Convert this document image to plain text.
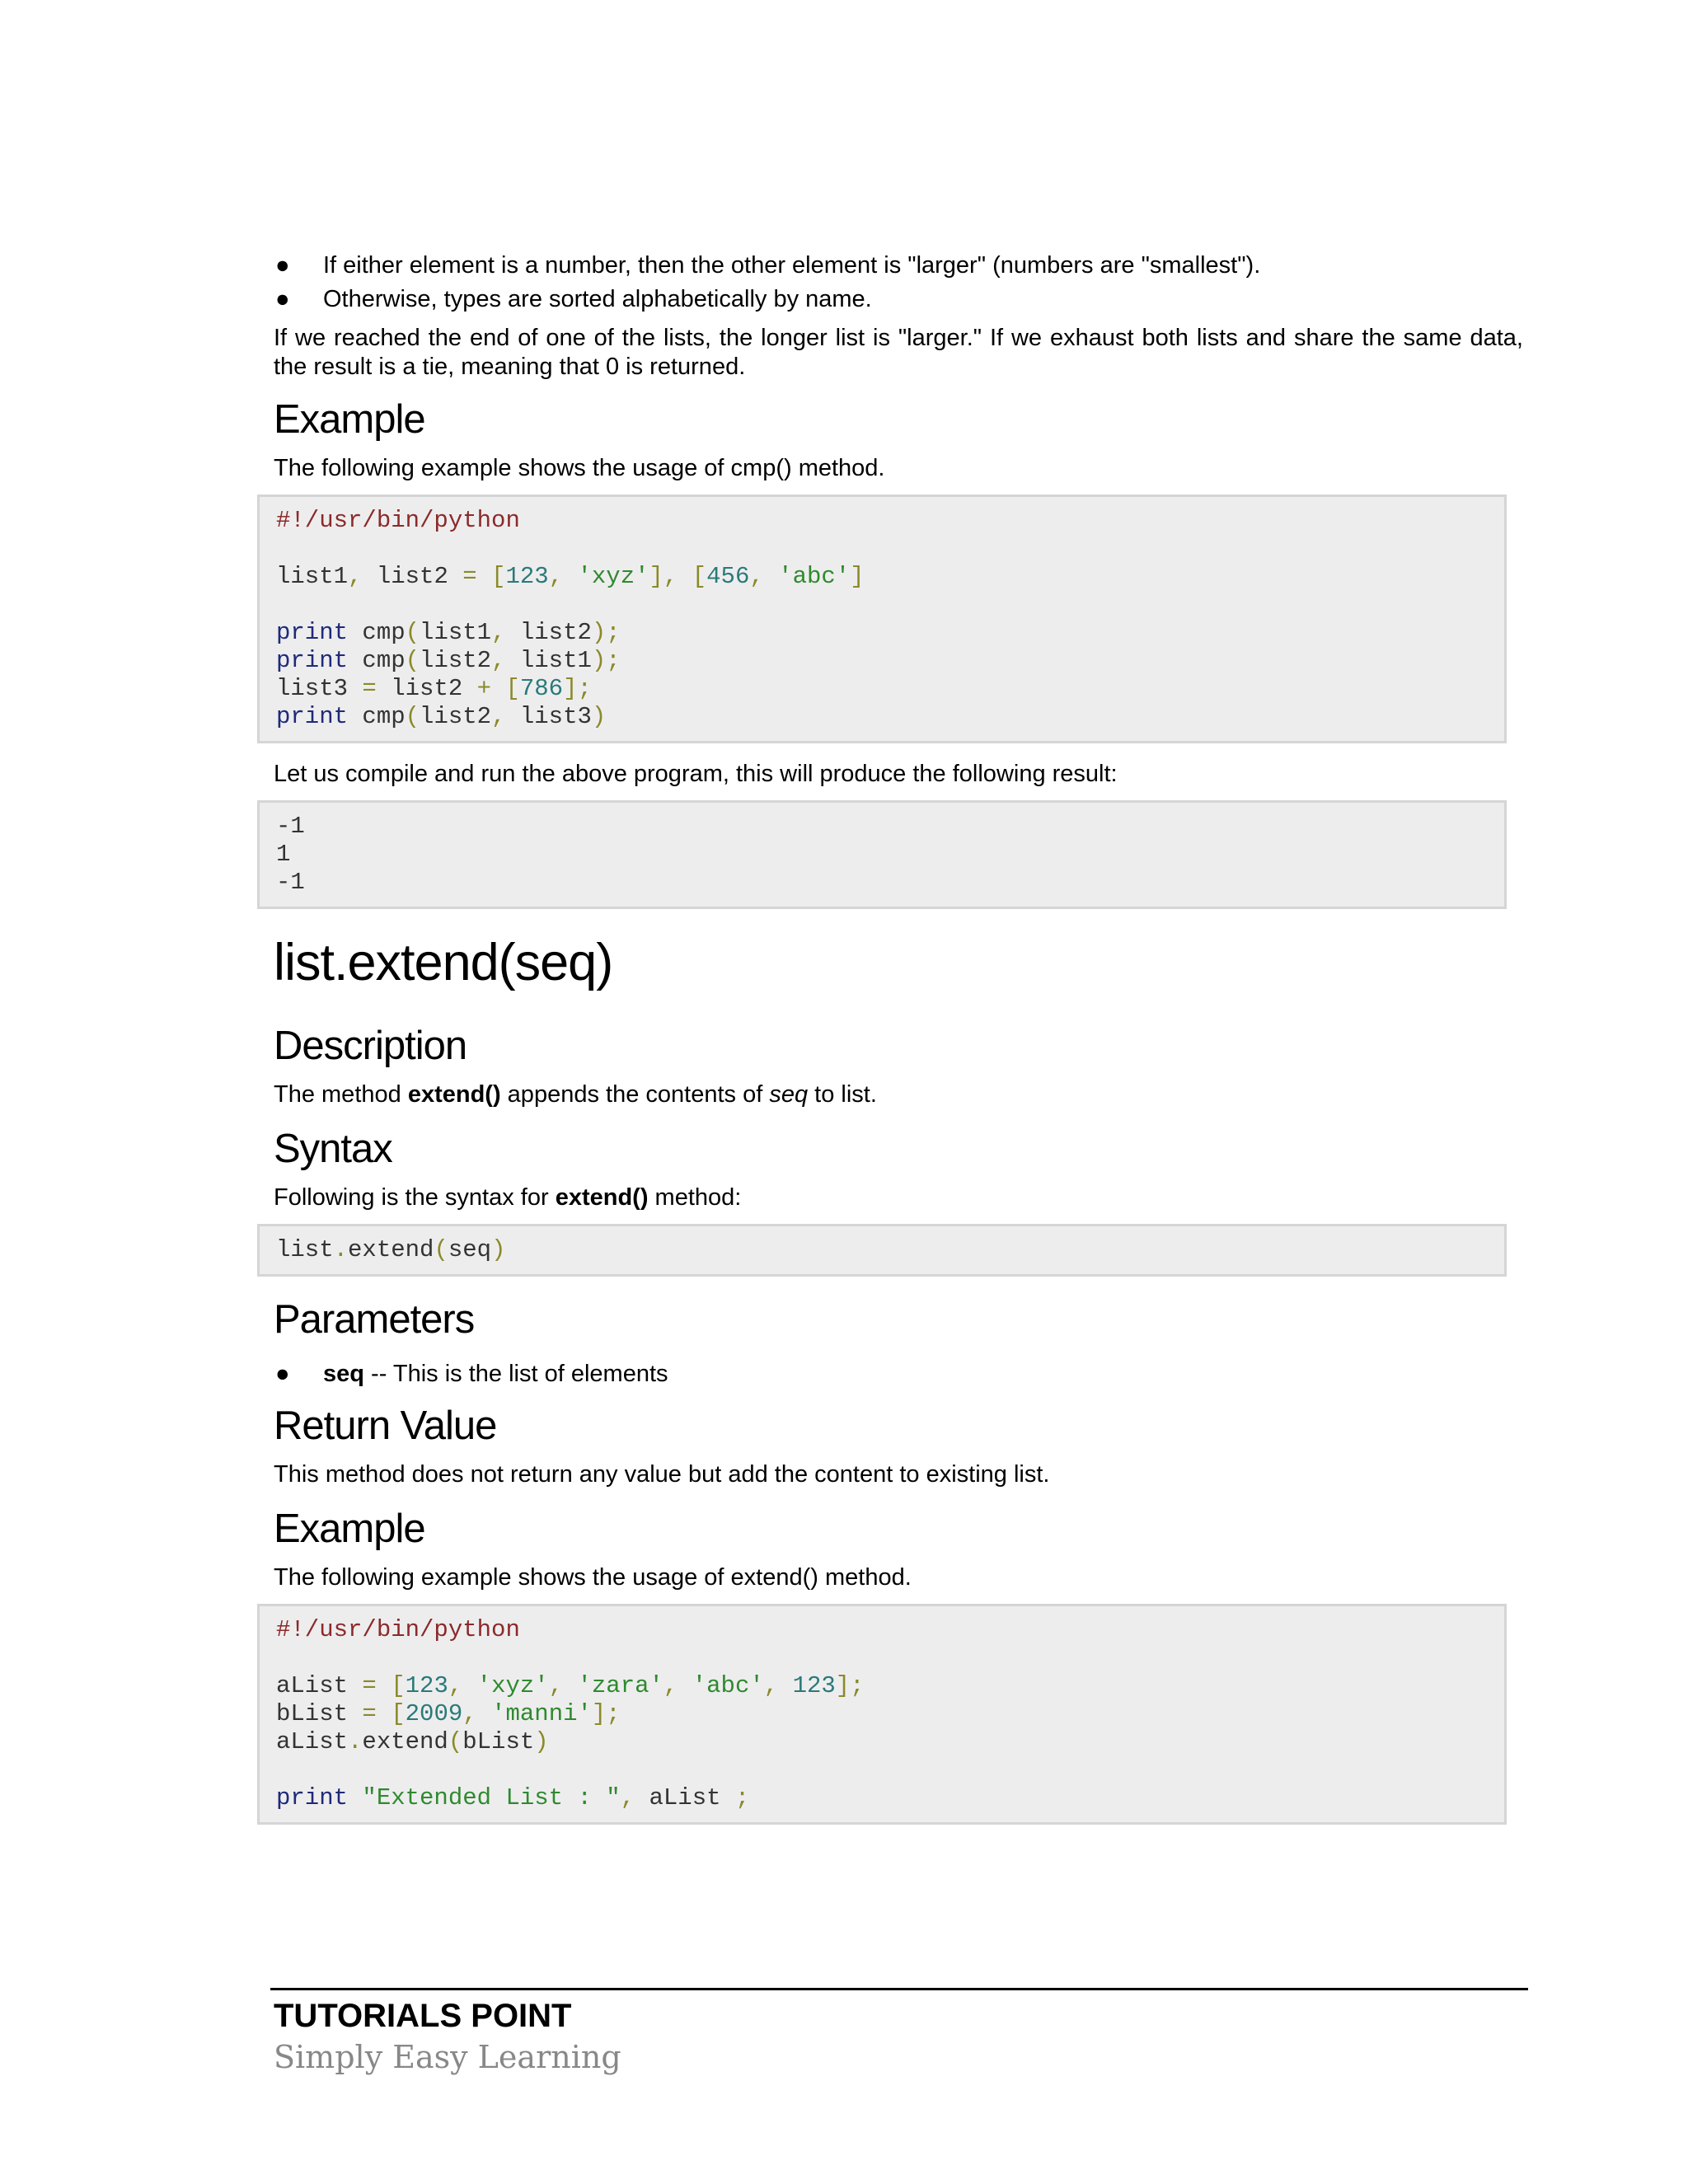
● If either element is a number, then the other element is "larger" (numbers are "smallest").
● Otherwise, types are sorted alphabetically by name.

If we reached the end of one of the lists, the longer list is "larger." If we exhaust both lists and share the same data, the result is a tie, meaning that 0 is returned.

Example

The following example shows the usage of cmp() method.

#!/usr/bin/python

list1, list2 = [123, 'xyz'], [456, 'abc']

print cmp(list1, list2);
print cmp(list2, list1);
list3 = list2 + [786];
print cmp(list2, list3)

Let us compile and run the above program, this will produce the following result:

-1
1
-1
list.extend(seq)
Description

The method extend() appends the contents of seq to list.

Syntax

Following is the syntax for extend() method:

list.extend(seq)
Parameters
● seq -- This is the list of elements
Return Value

This method does not return any value but add the content to existing list.

Example

The following example shows the usage of extend() method.

#!/usr/bin/python

aList = [123, 'xyz', 'zara', 'abc', 123];
bList = [2009, 'manni'];
aList.extend(bList)

print "Extended List : ", aList ;
TUTORIALS POINT
Simply Easy Learning
